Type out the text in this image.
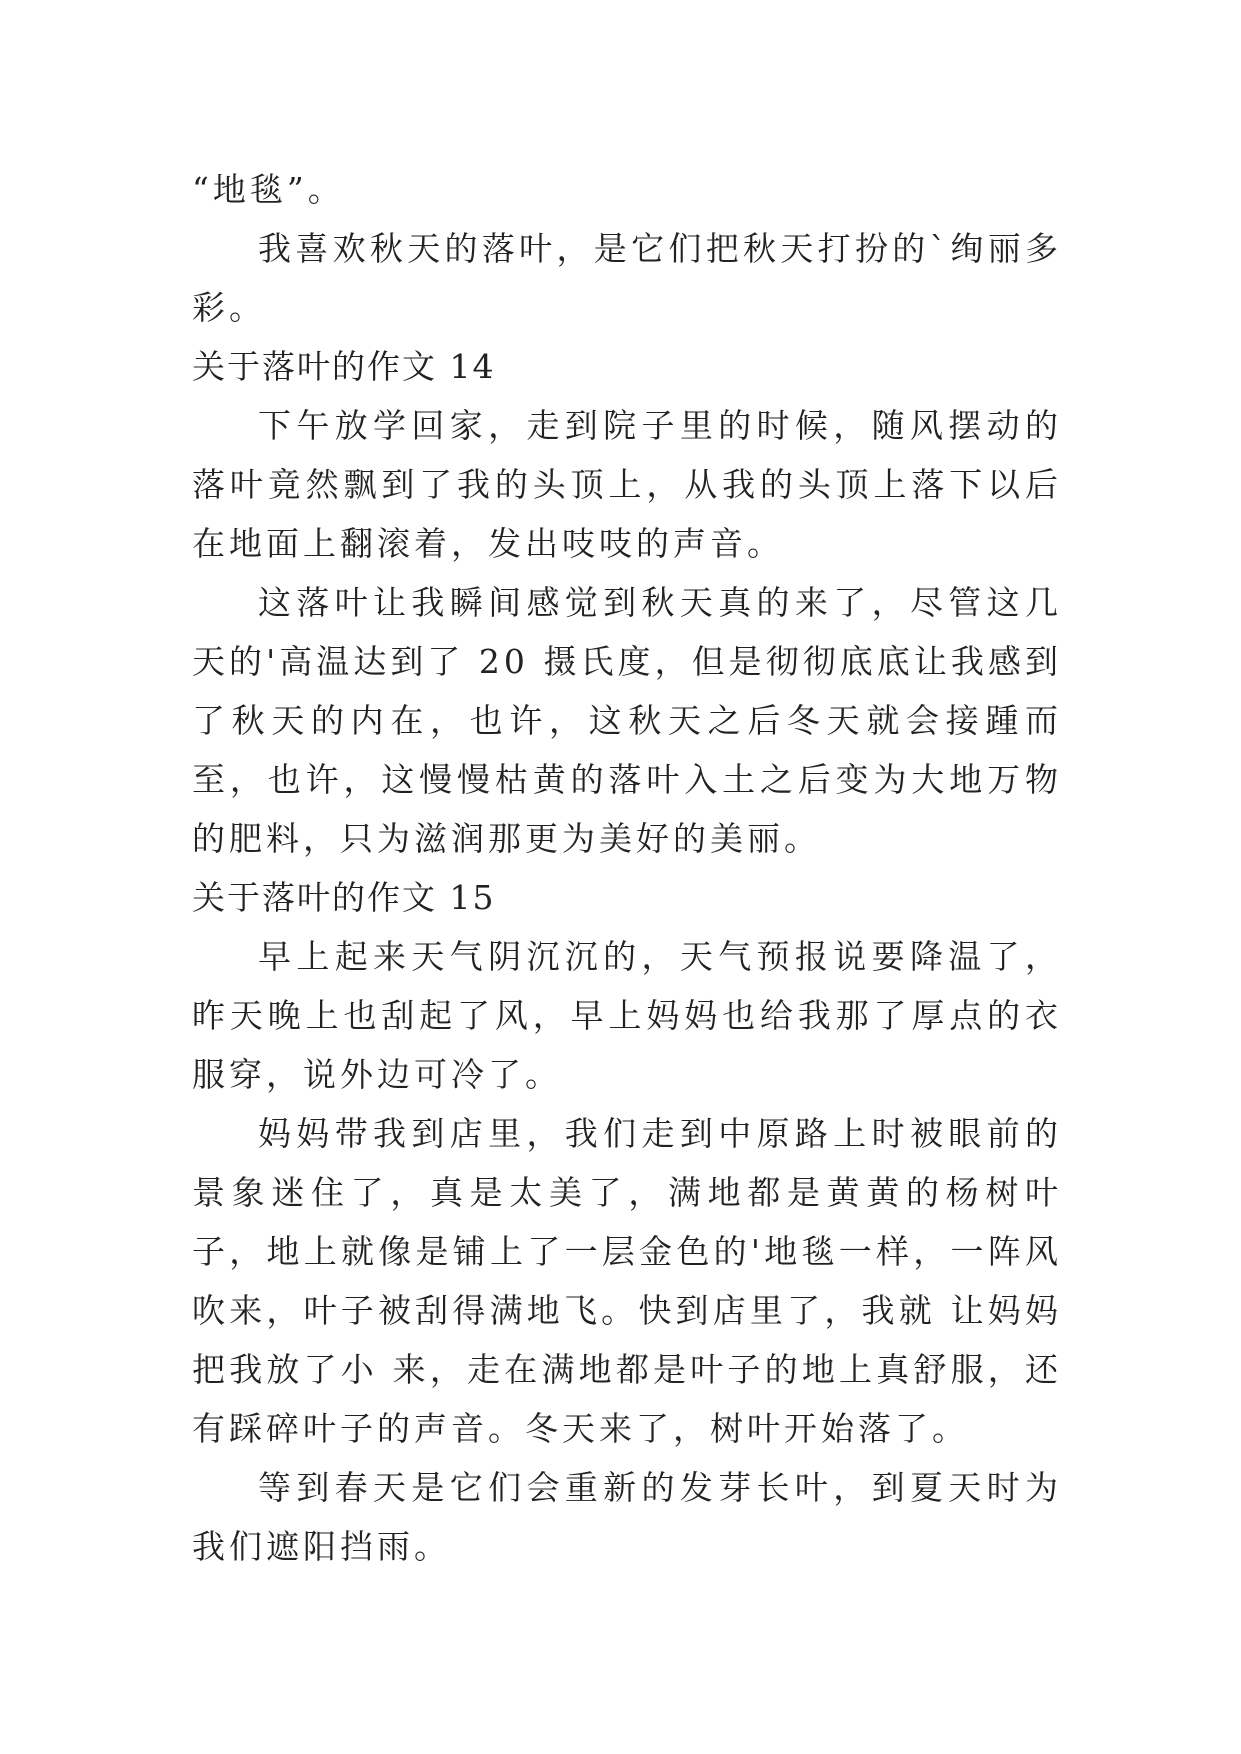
“地毯”。

我喜欢秋天的落叶，是它们把秋天打扮的`绚丽多彩。

关于落叶的作文 14

下午放学回家，走到院子里的时候，随风摆动的落叶竟然飘到了我的头顶上，从我的头顶上落下以后在地面上翻滚着，发出吱吱的声音。

这落叶让我瞬间感觉到秋天真的来了，尽管这几天的'高温达到了 20 摄氏度，但是彻彻底底让我感到了秋天的内在，也许，这秋天之后冬天就会接踵而至，也许，这慢慢枯黄的落叶入土之后变为大地万物的肥料，只为滋润那更为美好的美丽。

关于落叶的作文 15

早上起来天气阴沉沉的，天气预报说要降温了，昨天晚上也刮起了风，早上妈妈也给我那了厚点的衣服穿，说外边可冷了。

妈妈带我到店里，我们走到中原路上时被眼前的景象迷住了，真是太美了，满地都是黄黄的杨树叶子，地上就像是铺上了一层金色的'地毯一样，一阵风吹来，叶子被刮得满地飞。快到店里了，我就 让妈妈把我放了小 来，走在满地都是叶子的地上真舒服，还有踩碎叶子的声音。冬天来了，树叶开始落了。

等到春天是它们会重新的发芽长叶，到夏天时为我们遮阳挡雨。
